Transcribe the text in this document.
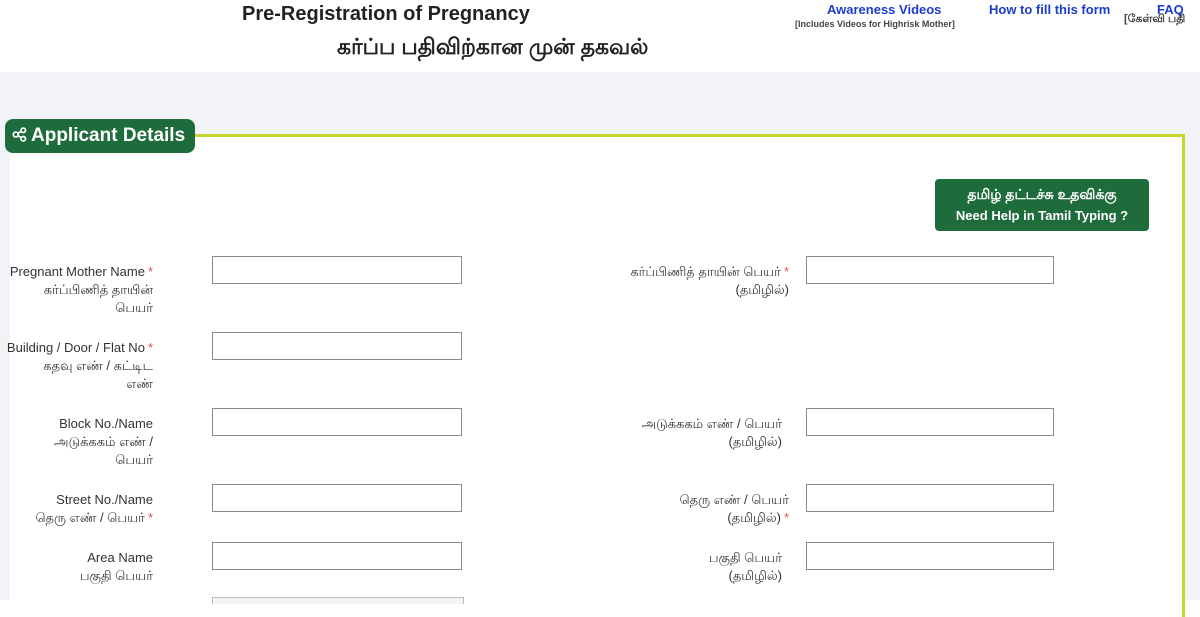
Pre-Registration of Pregnancy
கர்ப்ப பதிவிற்கான முன் தகவல்
Awareness Videos
[Includes Videos for Highrisk Mother]
How to fill this form	FAQ
[கேள்வி பதி
Applicant Details
தமிழ் தட்டச்சு உதவிக்கு
Need Help in Tamil Typing ?
Pregnant Mother Name *
கர்ப்பிணித் தாயின்
பெயர்
கர்ப்பிணித் தாயின் பெயர் *
(தமிழில்)
Building / Door / Flat No *
கதவு எண் / கட்டிட
எண்
Block No./Name
அடுக்ககம் எண் /
பெயர்
அடுக்ககம் எண் / பெயர்
(தமிழில்)
Street No./Name
தெரு எண் / பெயர் *
தெரு எண் / பெயர்
(தமிழில்) *
Area Name
பகுதி பெயர்
பகுதி பெயர்
(தமிழில்)
